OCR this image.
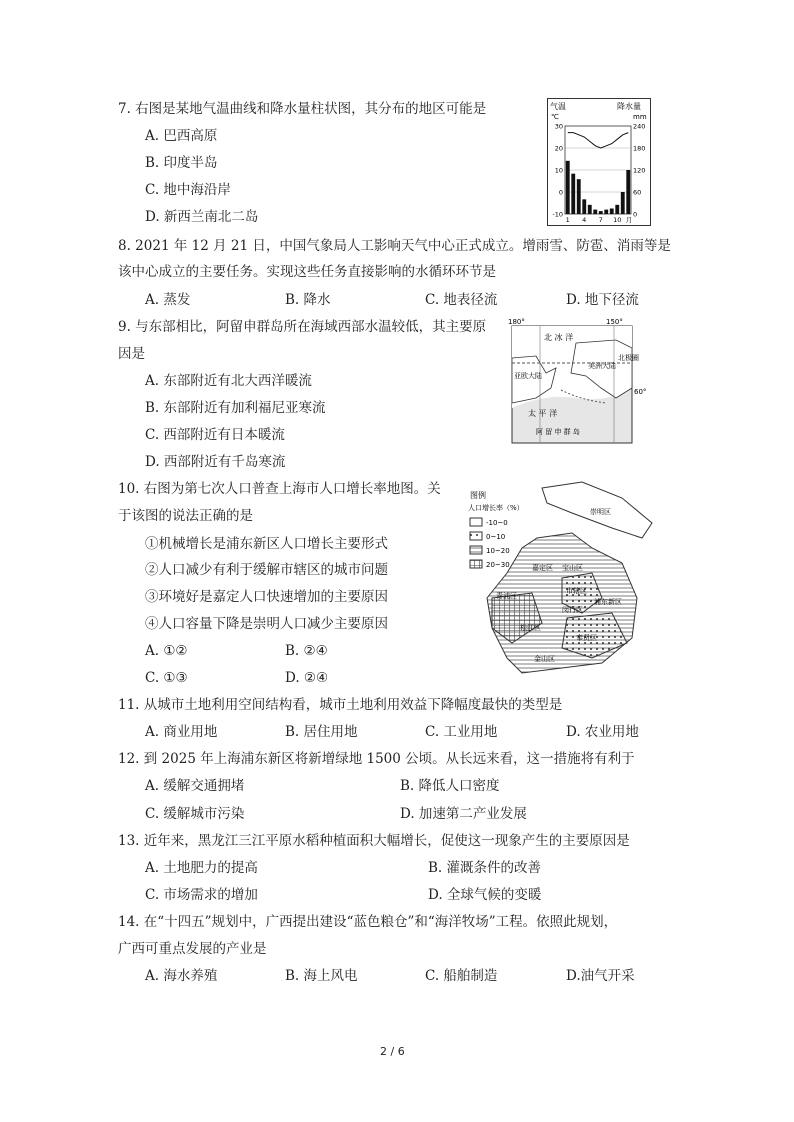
7. 右图是某地气温曲线和降水量柱状图，其分布的地区可能是
A. 巴西高原
B. 印度半岛
C. 地中海沿岸
D. 新西兰南北二岛
气温	降水量
℃	mm
30	240
20	180
10	120
0	60
-10	0
1 4 7 10 月
8. 2021 年 12 月 21 日，中国气象局人工影响天气中心正式成立。增雨雪、防雹、消雨等是
该中心成立的主要任务。实现这些任务直接影响的水循环环节是
A. 蒸发	B. 降水	C. 地表径流	D. 地下径流
9. 与东部相比，阿留申群岛所在海域西部水温较低，其主要原
因是
A. 东部附近有北大西洋暖流
B. 东部附近有加利福尼亚寒流
C. 西部附近有日本暖流
D. 西部附近有千岛寒流
180°	150°
北 冰 洋
亚欧大陆
美洲大陆
北极圈
60°
太 平 洋
阿 留 申 群 岛
10. 右图为第七次人口普查上海市人口增长率地图。关
于该图的说法正确的是
①机械增长是浦东新区人口增长主要形式
②人口减少有利于缓解市辖区的城市问题
③环境好是嘉定人口快速增加的主要原因
④人口容量下降是崇明人口减少主要原因
A. ①②	B. ②④
C. ①③	D. ②④
图例
人口增长率（%）
-10~0
0~10
10~20
20~30
崇明区
嘉定区 宝山区
青浦区
市辖区
浦东新区
闵行区
松江区
奉贤区
金山区
11. 从城市土地利用空间结构看，城市土地利用效益下降幅度最快的类型是
A. 商业用地	B. 居住用地	C. 工业用地	D. 农业用地
12. 到 2025 年上海浦东新区将新增绿地 1500 公顷。从长远来看，这一措施将有利于
A. 缓解交通拥堵	B. 降低人口密度
C. 缓解城市污染	D. 加速第二产业发展
13. 近年来，黑龙江三江平原水稻种植面积大幅增长，促使这一现象产生的主要原因是
A. 土地肥力的提高	B. 灌溉条件的改善
C. 市场需求的增加	D. 全球气候的变暖
14. 在“十四五”规划中，广西提出建设“蓝色粮仓”和“海洋牧场”工程。依照此规划，
广西可重点发展的产业是
A. 海水养殖	B. 海上风电	C. 船舶制造	D.油气开采
2 / 6
